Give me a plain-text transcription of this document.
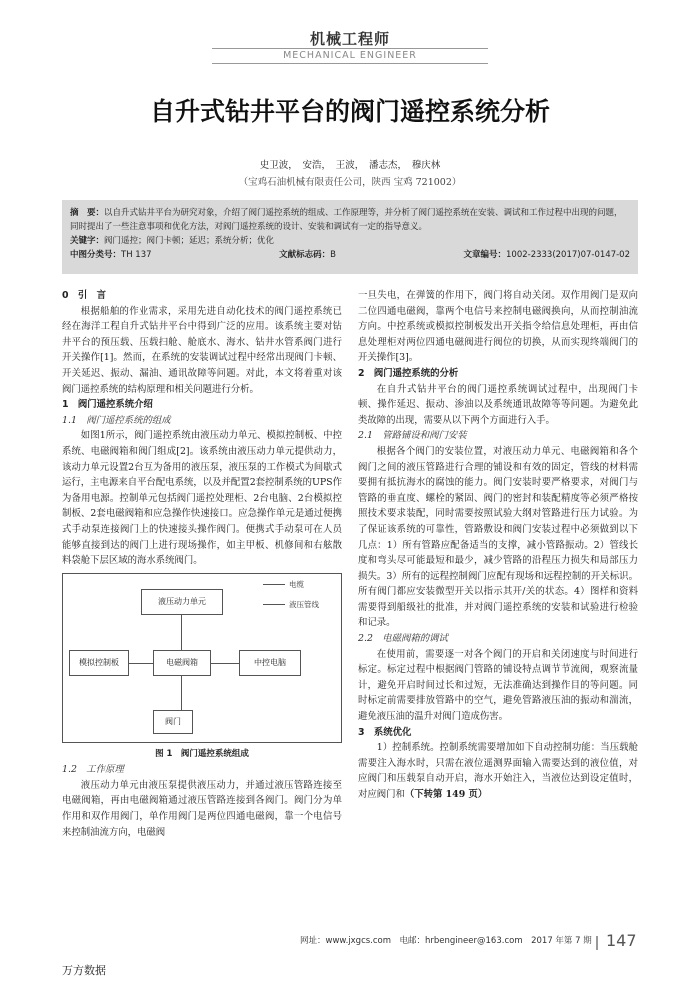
机械工程师
MECHANICAL ENGINEER
自升式钻井平台的阀门遥控系统分析
史卫波，　安浩，　王波，　潘志杰，　穆庆林
（宝鸡石油机械有限责任公司，陕西 宝鸡 721002）
摘　要：以自升式钻井平台为研究对象，介绍了阀门遥控系统的组成、工作原理等，并分析了阀门遥控系统在安装、调试和工作过程中出现的问题，同时提出了一些注意事项和优化方法，对阀门遥控系统的设计、安装和调试有一定的指导意义。
关键字：阀门遥控；阀门卡顿；延迟；系统分析；优化
中图分类号：TH 137	文献标志码：B	文章编号：1002-2333(2017)07-0147-02
0　引　言

根据船舶的作业需求，采用先进自动化技术的阀门遥控系统已经在海洋工程自升式钻井平台中得到广泛的应用。该系统主要对钻井平台的预压载、压载扫舱、舱底水、海水、钻井水管系阀门进行开关操作[1]。然而，在系统的安装调试过程中经常出现阀门卡顿、开关延迟、振动、漏油、通讯故障等问题。对此，本文将着重对该阀门遥控系统的结构原理和相关问题进行分析。

1　阀门遥控系统介绍
1.1　阀门遥控系统的组成

如图1所示，阀门遥控系统由液压动力单元、模拟控制板、中控系统、电磁阀箱和阀门组成[2]。该系统由液压动力单元提供动力，该动力单元设置2台互为备用的液压泵，液压泵的工作模式为间歇式运行，主电源来自平台配电系统，以及并配置2套控制系统的UPS作为备用电源。控制单元包括阀门遥控处理柜、2台电脑、2台模拟控制板、2套电磁阀箱和应急操作快速接口。应急操作单元是通过便携式手动泵连接阀门上的快速接头操作阀门。便携式手动泵可在人员能够直接到达的阀门上进行现场操作，如主甲板、机修间和右舷散料袋舱下层区域的海水系统阀门。

电缆
液压管线
液压动力单元
模拟控制板	电磁阀箱	中控电脑
阀门
图 1　阀门遥控系统组成
1.2　工作原理

液压动力单元由液压泵提供液压动力，并通过液压管路连接至电磁阀箱，再由电磁阀箱通过液压管路连接到各阀门。阀门分为单作用和双作用阀门，单作用阀门是两位四通电磁阀，靠一个电信号来控制油流方向，电磁阀

一旦失电，在弹簧的作用下，阀门将自动关闭。双作用阀门是双向二位四通电磁阀，靠两个电信号来控制电磁阀换向，从而控制油流方向。中控系统或模拟控制板发出开关指令给信息处理柜，再由信息处理柜对两位四通电磁阀进行阀位的切换，从而实现终端阀门的开关操作[3]。

2　阀门遥控系统的分析

在自升式钻井平台的阀门遥控系统调试过程中，出现阀门卡顿、操作延迟、振动、渗油以及系统通讯故障等等问题。为避免此类故障的出现，需要从以下两个方面进行入手。

2.1　管路铺设和阀门安装

根据各个阀门的安装位置，对液压动力单元、电磁阀箱和各个阀门之间的液压管路进行合理的铺设和有效的固定，管线的材料需要拥有抵抗海水的腐蚀的能力。阀门安装时要严格要求，对阀门与管路的垂直度、螺栓的紧固、阀门的密封和装配精度等必须严格按照技术要求装配，同时需要按照试验大纲对管路进行压力试验。为了保证该系统的可靠性，管路敷设和阀门安装过程中必须做到以下几点：1）所有管路应配备适当的支撑，减小管路振动。2）管线长度和弯头尽可能最短和最少，减少管路的沿程压力损失和局部压力损失。3）所有的远程控制阀门应配有现场和远程控制的开关标识。所有阀门都应安装微型开关以指示其开/关的状态。4）图样和资料需要得到船级社的批准，并对阀门遥控系统的安装和试验进行检验和记录。

2.2　电磁阀箱的调试

在使用前，需要逐一对各个阀门的开启和关闭速度与时间进行标定。标定过程中根据阀门管路的铺设特点调节节流阀，观察流量计，避免开启时间过长和过短，无法准确达到操作目的等问题。同时标定前需要排放管路中的空气，避免管路液压油的振动和湍流，避免液压油的温升对阀门造成伤害。

3　系统优化

1）控制系统。控制系统需要增加如下自动控制功能：当压载舱需要注入海水时，只需在液位遥测界面输入需要达到的液位值，对应阀门和压载泵自动开启，海水开始注入，当液位达到设定值时，对应阀门和（下转第 149 页）

网址：www.jxgcs.com　电邮：hrbengineer@163.com　2017 年第 7 期 147
万方数据
